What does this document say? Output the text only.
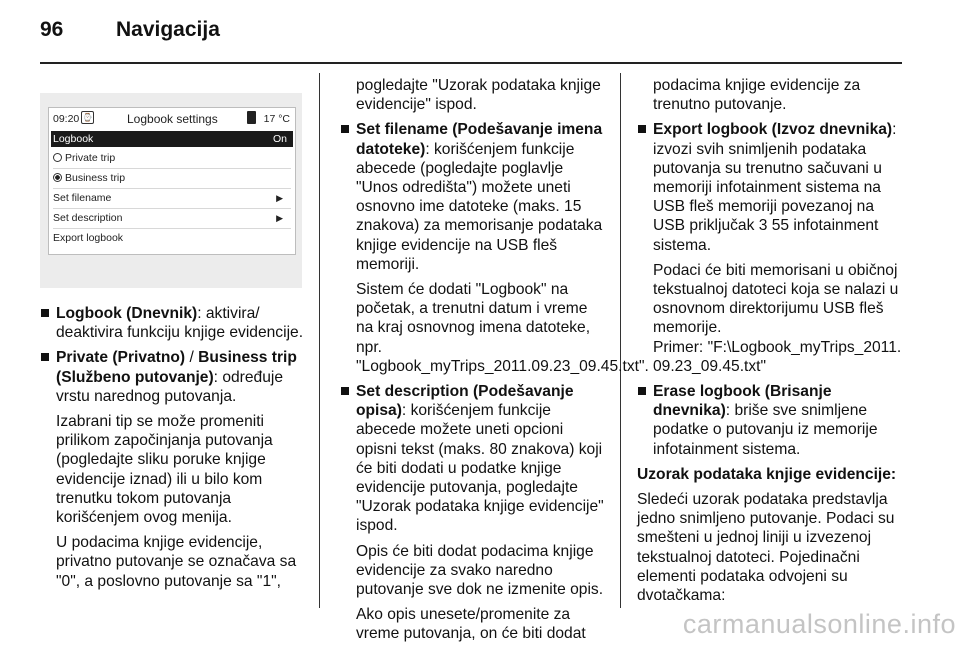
96	Navigacija
09:20 ⌚	Logbook settings	17 °C
Logbook	On
Private trip
Business trip
Set filename	▶
Set description	▶
Export logbook
Logbook (Dnevnik): aktivira/ deaktivira funkciju knjige evidencije.
Private (Privatno) / Business trip (Službeno putovanje): određuje vrstu narednog putovanja.

Izabrani tip se može promeniti prilikom započinjanja putovanja (pogledajte sliku poruke knjige evidencije iznad) ili u bilo kom trenutku tokom putovanja korišćenjem ovog menija.

U podacima knjige evidencije, privatno putovanje se označava sa "0", a poslovno putovanje sa "1",

pogledajte "Uzorak podataka knjige evidencije" ispod.

Set filename (Podešavanje imena datoteke): korišćenjem funkcije abecede (pogledajte poglavlje "Unos odredišta") možete uneti osnovno ime datoteke (maks. 15 znakova) za memorisanje podataka knjige evidencije na USB fleš memoriji.

Sistem će dodati "Logbook" na početak, a trenutni datum i vreme na kraj osnovnog imena datoteke, npr. "Logbook_myTrips_2011.09.23_09.45.txt".

Set description (Podešavanje opisa): korišćenjem funkcije abecede možete uneti opcioni opisni tekst (maks. 80 znakova) koji će biti dodati u podatke knjige evidencije putovanja, pogledajte "Uzorak podataka knjige evidencije" ispod.

Opis će biti dodat podacima knjige evidencije za svako naredno putovanje sve dok ne izmenite opis.

Ako opis unesete/promenite za vreme putovanja, on će biti dodat

podacima knjige evidencije za trenutno putovanje.

Export logbook (Izvoz dnevnika): izvozi svih snimljenih podataka putovanja su trenutno sačuvani u memoriji infotainment sistema na USB fleš memoriji povezanoj na USB priključak 3 55 infotainment sistema.

Podaci će biti memorisani u običnoj tekstualnoj datoteci koja se nalazi u osnovnom direktorijumu USB fleš memorije.
Primer: "F:\Logbook_myTrips_2011.09.23_09.45.txt"

Erase logbook (Brisanje dnevnika): briše sve snimljene podatke o putovanju iz memorije infotainment sistema.

Uzorak podataka knjige evidencije:

Sledeći uzorak podataka predstavlja jedno snimljeno putovanje. Podaci su smešteni u jednoj liniji u izvezenoj tekstualnoj datoteci. Pojedinačni elementi podataka odvojeni su dvotačkama:

carmanualsonline.info
